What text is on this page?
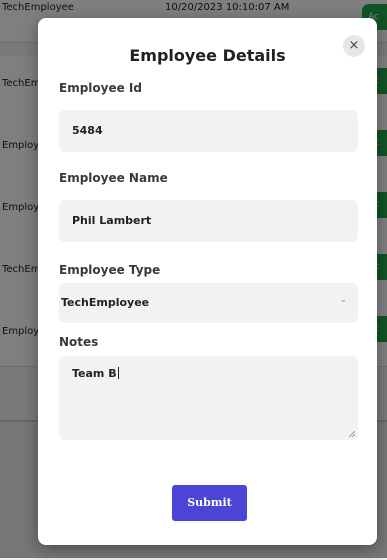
Employee Details
×
Employee Id
5484
Employee Name
Phil Lambert
Employee Type
TechEmployee	⌄
Notes
Team B
Submit
